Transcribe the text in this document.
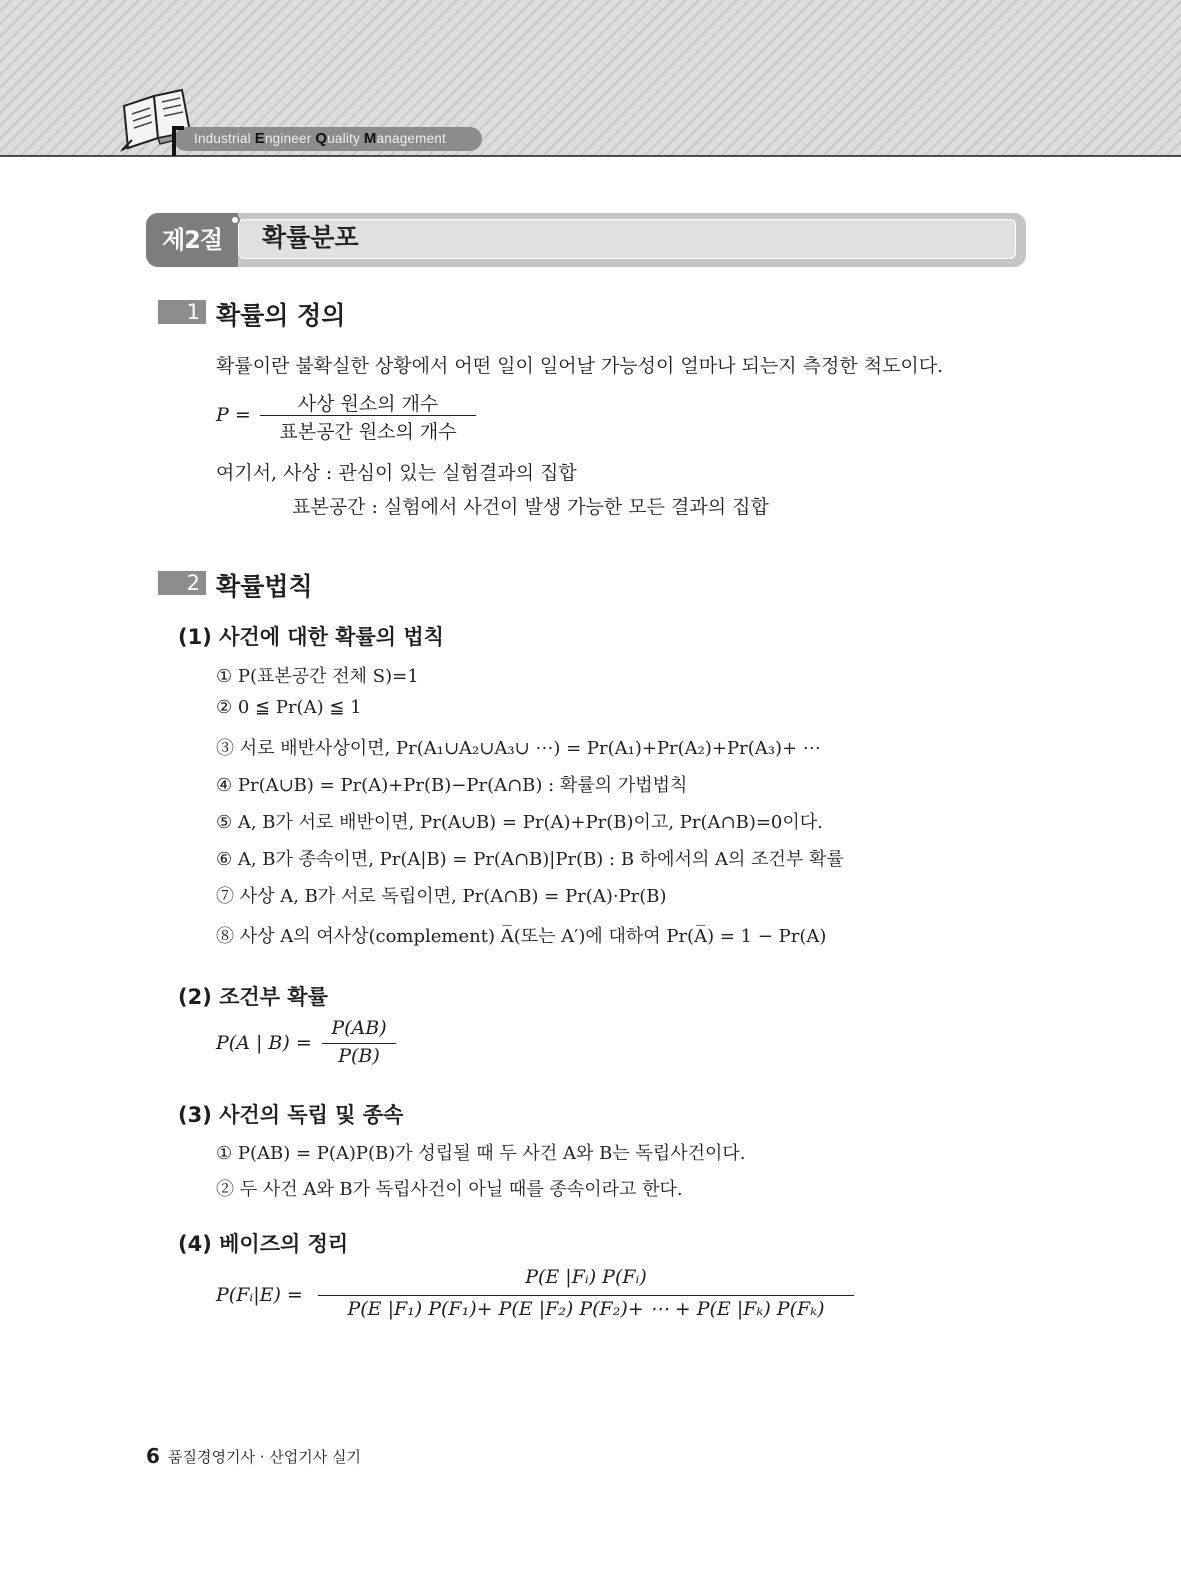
Industrial Engineer Quality Management
제2절	확률분포
1 확률의 정의
확률이란 불확실한 상황에서 어떤 일이 일어날 가능성이 얼마나 되는지 측정한 척도이다.
P =	사상 원소의 개수
표본공간 원소의 개수
여기서, 사상 : 관심이 있는 실험결과의 집합
표본공간 : 실험에서 사건이 발생 가능한 모든 결과의 집합
2 확률법칙
(1) 사건에 대한 확률의 법칙
① P(표본공간 전체 S)=1
② 0 ≦ Pr(A) ≦ 1
③ 서로 배반사상이면, Pr(A₁∪A₂∪A₃∪ ⋯) = Pr(A₁)+Pr(A₂)+Pr(A₃)+ ⋯
④ Pr(A∪B) = Pr(A)+Pr(B)−Pr(A∩B) : 확률의 가법법칙
⑤ A, B가 서로 배반이면, Pr(A∪B) = Pr(A)+Pr(B)이고, Pr(A∩B)=0이다.
⑥ A, B가 종속이면, Pr(A|B) = Pr(A∩B)|Pr(B) : B 하에서의 A의 조건부 확률
⑦ 사상 A, B가 서로 독립이면, Pr(A∩B) = Pr(A)·Pr(B)
⑧ 사상 A의 여사상(complement) A̅(또는 A′)에 대하여 Pr(A̅) = 1 − Pr(A)
(2) 조건부 확률
P(A | B) =
P(AB)
P(B)
(3) 사건의 독립 및 종속
① P(AB) = P(A)P(B)가 성립될 때 두 사건 A와 B는 독립사건이다.
② 두 사건 A와 B가 독립사건이 아닐 때를 종속이라고 한다.
(4) 베이즈의 정리
P(Fᵢ|E) =
P(E |Fᵢ) P(Fᵢ)
P(E |F₁) P(F₁)+ P(E |F₂) P(F₂)+ ⋯ + P(E |Fₖ) P(Fₖ)
6 품질경영기사 · 산업기사 실기
